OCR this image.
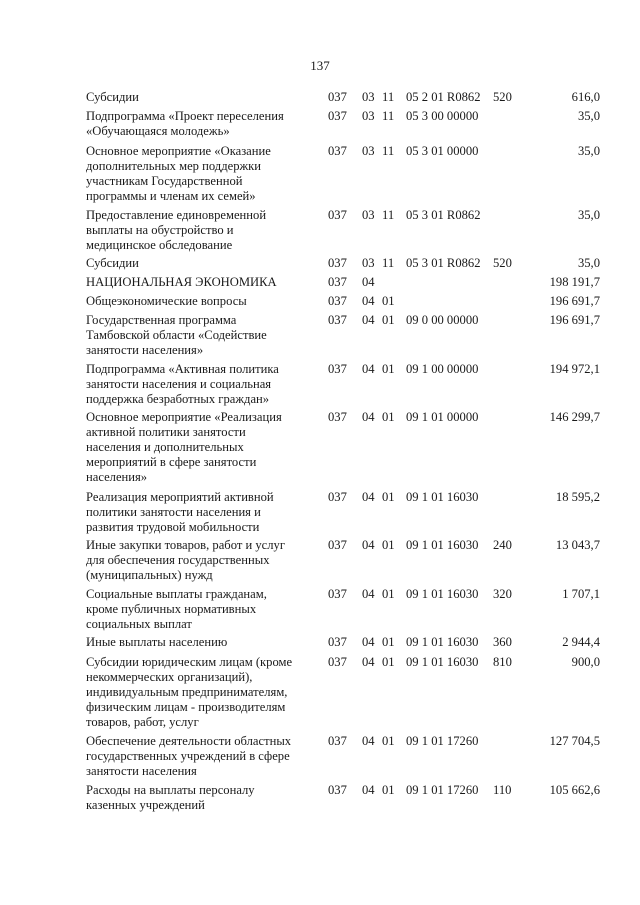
137
Субсидии	037 03 11 05 2 01 R0862 520	616,0
Подпрограмма «Проект переселения
«Обучающаяся молодежь»
037 03 11 05 3 00 00000	35,0
Основное мероприятие «Оказание
дополнительных мер поддержки
участникам Государственной
программы и членам их семей»
037 03 11 05 3 01 00000	35,0
Предоставление единовременной
выплаты на обустройство и
медицинское обследование
037 03 11 05 3 01 R0862	35,0
Субсидии	037 03 11 05 3 01 R0862 520	35,0
НАЦИОНАЛЬНАЯ ЭКОНОМИКА	037 04	198 191,7
Общеэкономические вопросы	037 04 01	196 691,7
Государственная программа
Тамбовской области «Содействие
занятости населения»
037 04 01 09 0 00 00000	196 691,7
Подпрограмма «Активная политика
занятости населения и социальная
поддержка безработных граждан»
037 04 01 09 1 00 00000	194 972,1
Основное мероприятие «Реализация
активной политики занятости
населения и дополнительных
мероприятий в сфере занятости
населения»
037 04 01 09 1 01 00000	146 299,7
Реализация мероприятий активной
политики занятости населения и
развития трудовой мобильности
037 04 01 09 1 01 16030	18 595,2
Иные закупки товаров, работ и услуг
для обеспечения государственных
(муниципальных) нужд
037 04 01 09 1 01 16030 240	13 043,7
Социальные выплаты гражданам,
кроме публичных нормативных
социальных выплат
037 04 01 09 1 01 16030 320	1 707,1
Иные выплаты населению	037 04 01 09 1 01 16030 360	2 944,4
Субсидии юридическим лицам (кроме
некоммерческих организаций),
индивидуальным предпринимателям,
физическим лицам - производителям
товаров, работ, услуг
037 04 01 09 1 01 16030 810	900,0
Обеспечение деятельности областных
государственных учреждений в сфере
занятости населения
037 04 01 09 1 01 17260	127 704,5
Расходы на выплаты персоналу
казенных учреждений
037 04 01 09 1 01 17260 110	105 662,6
